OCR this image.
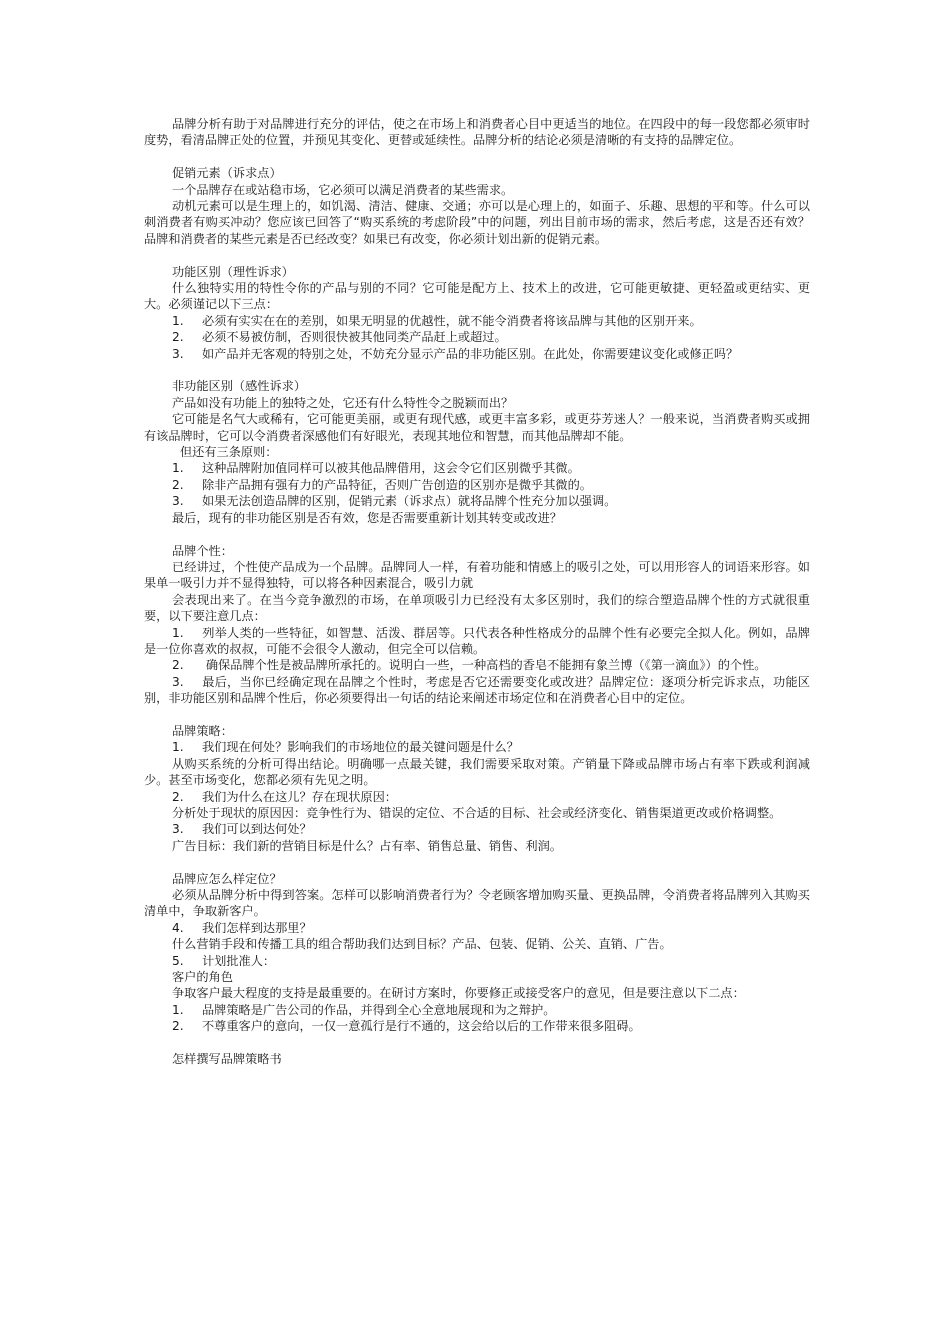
品牌分析有助于对品牌进行充分的评估，使之在市场上和消费者心目中更适当的地位。在四段中的每一段您都必须审时度势，看清品牌正处的位置，并预见其变化、更替或延续性。品牌分析的结论必须是清晰的有支持的品牌定位。

促销元素（诉求点）

一个品牌存在或站稳市场，它必须可以满足消费者的某些需求。

动机元素可以是生理上的，如饥渴、清洁、健康、交通；亦可以是心理上的，如面子、乐趣、思想的平和等。什么可以刺消费者有购买冲动？您应该已回答了“购买系统的考虑阶段”中的问题，列出目前市场的需求，然后考虑，这是否还有效？品牌和消费者的某些元素是否已经改变？如果已有改变，你必须计划出新的促销元素。

功能区别（理性诉求）

什么独特实用的特性令你的产品与别的不同？它可能是配方上、技术上的改进，它可能更敏捷、更轻盈或更结实、更大。必须谨记以下三点：

1. 必须有实实在在的差别，如果无明显的优越性，就不能令消费者将该品牌与其他的区别开来。

2. 必须不易被仿制，否则很快被其他同类产品赶上或超过。

3. 如产品并无客观的特别之处，不妨充分显示产品的非功能区别。在此处，你需要建议变化或修正吗？

非功能区别（感性诉求）

产品如没有功能上的独特之处，它还有什么特性令之脱颖而出？

它可能是名气大或稀有，它可能更美丽，或更有现代感，或更丰富多彩，或更芬芳迷人？一般来说，当消费者购买或拥有该品牌时，它可以令消费者深感他们有好眼光，表现其地位和智慧，而其他品牌却不能。

但还有三条原则：

1. 这种品牌附加值同样可以被其他品牌借用，这会令它们区别微乎其微。

2. 除非产品拥有强有力的产品特征，否则广告创造的区别亦是微乎其微的。

3. 如果无法创造品牌的区别，促销元素（诉求点）就将品牌个性充分加以强调。

最后，现有的非功能区别是否有效，您是否需要重新计划其转变或改进？

品牌个性：

已经讲过，个性使产品成为一个品牌。品牌同人一样，有着功能和情感上的吸引之处，可以用形容人的词语来形容。如果单一吸引力并不显得独特，可以将各种因素混合，吸引力就

会表现出来了。在当今竞争激烈的市场，在单项吸引力已经没有太多区别时，我们的综合塑造品牌个性的方式就很重要，以下要注意几点：

1. 列举人类的一些特征，如智慧、活泼、群居等。只代表各种性格成分的品牌个性有必要完全拟人化。例如，品牌是一位你喜欢的叔叔，可能不会很令人激动，但完全可以信赖。

2. 确保品牌个性是被品牌所承托的。说明白一些，一种高档的香皂不能拥有象兰博（《第一滴血》）的个性。

3. 最后，当你已经确定现在品牌之个性时，考虑是否它还需要变化或改进？品牌定位：逐项分析完诉求点，功能区别，非功能区别和品牌个性后，你必须要得出一句话的结论来阐述市场定位和在消费者心目中的定位。

品牌策略：

1. 我们现在何处？影响我们的市场地位的最关键问题是什么？

从购买系统的分析可得出结论。明确哪一点最关键，我们需要采取对策。产销量下降或品牌市场占有率下跌或利润减少。甚至市场变化，您都必须有先见之明。

2. 我们为什么在这儿？存在现状原因：

分析处于现状的原因因：竞争性行为、错误的定位、不合适的目标、社会或经济变化、销售渠道更改或价格调整。

3. 我们可以到达何处？

广告目标：我们新的营销目标是什么？占有率、销售总量、销售、利润。

品牌应怎么样定位？

必须从品牌分析中得到答案。怎样可以影响消费者行为？令老顾客增加购买量、更换品牌，令消费者将品牌列入其购买清单中，争取新客户。

4. 我们怎样到达那里？

什么营销手段和传播工具的组合帮助我们达到目标？产品、包装、促销、公关、直销、广告。

5. 计划批准人：

客户的角色

争取客户最大程度的支持是最重要的。在研讨方案时，你要修正或接受客户的意见，但是要注意以下二点：

1. 品牌策略是广告公司的作品，并得到全心全意地展现和为之辩护。

2. 不尊重客户的意向，一仅一意孤行是行不通的，这会给以后的工作带来很多阻碍。

怎样撰写品牌策略书
